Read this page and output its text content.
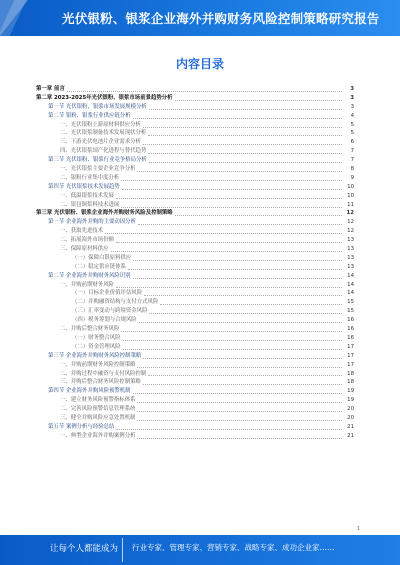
光伏银粉、银浆企业海外并购财务风险控制策略研究报告
内容目录
第一章 前言	3
第二章 2023-2025年光伏银粉、银浆市场前景趋势分析	3
第一节 光伏银粉、银浆市场发展规模分析	3
第二节 银粉、银浆行业供应链分析	4
一、光伏银粉上游原材料供应分析	5
二、光伏银浆制备技术发展现状分析	5
三、下游光伏电池片企业需求分析	6
四、光伏银浆国产化进程与替代趋势	7
第三节 光伏银粉、银浆行业竞争格局分析	7
一、光伏银浆主要企业竞争分析	8
二、银粉行业集中度分析	9
第四节 光伏银浆技术发展趋势	10
一、低温银浆技术发展	10
二、银包铜浆料技术进展	11
第三章 光伏银粉、银浆企业海外并购财务风险及控制策略	12
第一节 企业海外并购的主要动因分析	12
一、获取先进技术	12
二、拓展海外市场份额	13
三、保障原材料供应	13
（一）保障白银原料供应	13
（二）稳定供应链体系	13
第二节 企业海外并购财务风险识别	14
一、并购前期财务风险	14
（一）目标企业价值评估风险	14
（二）并购融资结构与支付方式风险	15
（三）汇率变动与跨境资金风险	15
（四）税务筹划与合规风险	16
二、并购后整合财务风险	16
（一）财务整合风险	16
（二）资金管理风险	17
第三节 企业海外并购财务风险控制策略	17
一、并购前期财务风险控制策略	17
二、并购过程中融资与支付风险控制	18
三、并购后整合财务风险控制策略	18
第四节 企业海外并购风险预警机制	19
一、建立财务风险预警指标体系	19
二、完善风险预警信息管理系统	20
三、健全并购风险应急处置机制	20
第五节 案例分析与经验总结	21
一、典型企业海外并购案例分析	21
1
让每个人都能成为	行业专家、管理专家、营销专家、战略专家、成功企业家……
